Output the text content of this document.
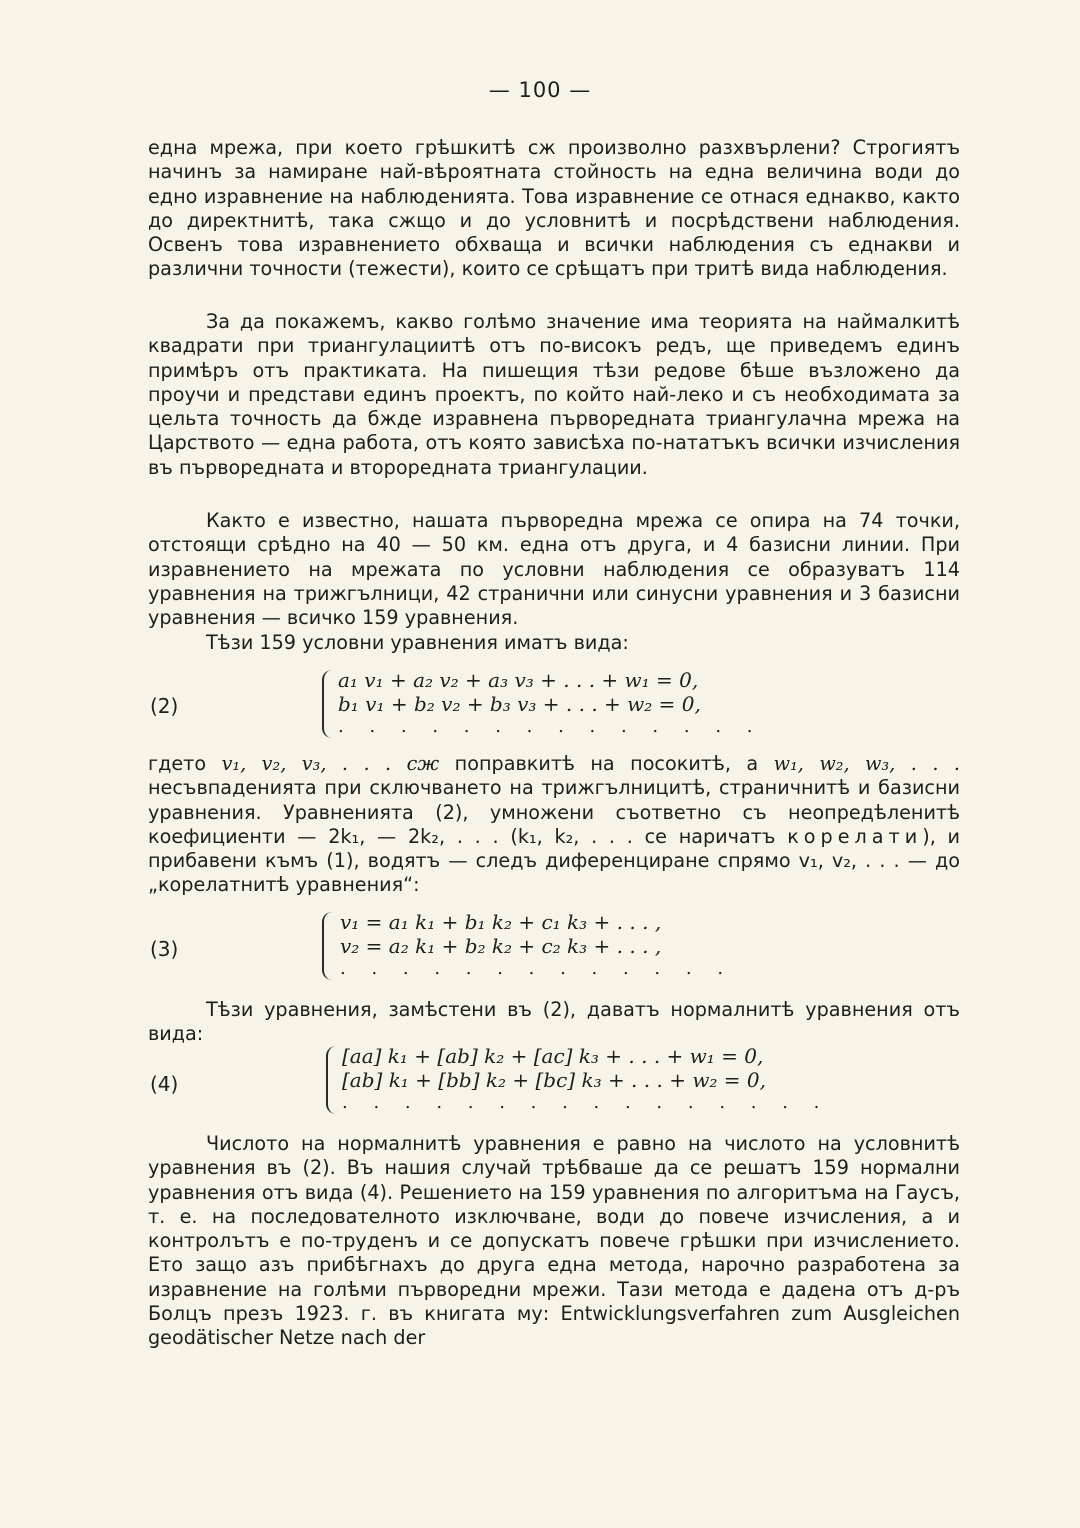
— 100 —

една мрежа, при което грѣшкитѣ сж произволно разхвърлени? Строгиятъ начинъ за намиране най-вѣроятната стойность на една величина води до едно изравнение на наблюденията. Това изравнение се отнася еднакво, както до директнитѣ, така сжщо и до условнитѣ и посрѣдствени наблюдения. Освенъ това изравнението обхваща и всички наблюдения съ еднакви и различни точности (тежести), които се срѣщатъ при тритѣ вида наблюдения.

За да покажемъ, какво голѣмо значение има теорията на наймалкитѣ квадрати при триангулациитѣ отъ по-високъ редъ, ще приведемъ единъ примѣръ отъ практиката. На пишещия тѣзи редове бѣше възложено да проучи и представи единъ проектъ, по който най-леко и съ необходимата за цельта точность да бжде изравнена първоредната триангулачна мрежа на Царството — една работа, отъ която зависѣха по-нататъкъ всички изчисления въ първоредната и второредната триангулации.

Както е известно, нашата първоредна мрежа се опира на 74 точки, отстоящи срѣдно на 40 — 50 км. една отъ друга, и 4 базисни линии. При изравнението на мрежата по условни наблюдения се образуватъ 114 уравнения на трижгълници, 42 странични или синусни уравнения и 3 базисни уравнения — всичко 159 уравнения.

Тѣзи 159 условни уравнения иматъ вида:

(2)
a₁ v₁ + a₂ v₂ + a₃ v₃ + . . . + w₁ = 0,
b₁ v₁ + b₂ v₂ + b₃ v₃ + . . . + w₂ = 0,
. . . . . . . . . . . . . .

гдето v₁, v₂, v₃, . . . сж поправкитѣ на посокитѣ, а w₁, w₂, w₃, . . . несъвпаденията при сключването на трижгълницитѣ, страничнитѣ и базисни уравнения. Уравненията (2), умножени съответно съ неопредѣленитѣ коефициенти — 2k₁, — 2k₂, . . . (k₁, k₂, . . . се наричатъ корелати), и прибавени къмъ (1), водятъ — следъ диференциране спрямо v₁, v₂, . . . — до „корелатнитѣ уравнения“:

(3)
v₁ = a₁ k₁ + b₁ k₂ + c₁ k₃ + . . . ,
v₂ = a₂ k₁ + b₂ k₂ + c₂ k₃ + . . . ,
. . . . . . . . . . . . .

Тѣзи уравнения, замѣстени въ (2), даватъ нормалнитѣ уравнения отъ вида:

(4)
[aa] k₁ + [ab] k₂ + [ac] k₃ + . . . + w₁ = 0,
[ab] k₁ + [bb] k₂ + [bc] k₃ + . . . + w₂ = 0,
. . . . . . . . . . . . . . . .

Числото на нормалнитѣ уравнения е равно на числото на условнитѣ уравнения въ (2). Въ нашия случай трѣбваше да се решатъ 159 нормални уравнения отъ вида (4). Решението на 159 уравнения по алгоритъма на Гаусъ, т. е. на последователното изключване, води до повече изчисления, а и контролътъ е по-труденъ и се допускатъ повече грѣшки при изчислението. Ето защо азъ прибѣгнахъ до друга една метода, нарочно разработена за изравнение на голѣми първоредни мрежи. Тази метода е дадена отъ д-ръ Болцъ презъ 1923. г. въ книгата му: Entwicklungsverfahren zum Ausgleichen geodätischer Netze nach der
